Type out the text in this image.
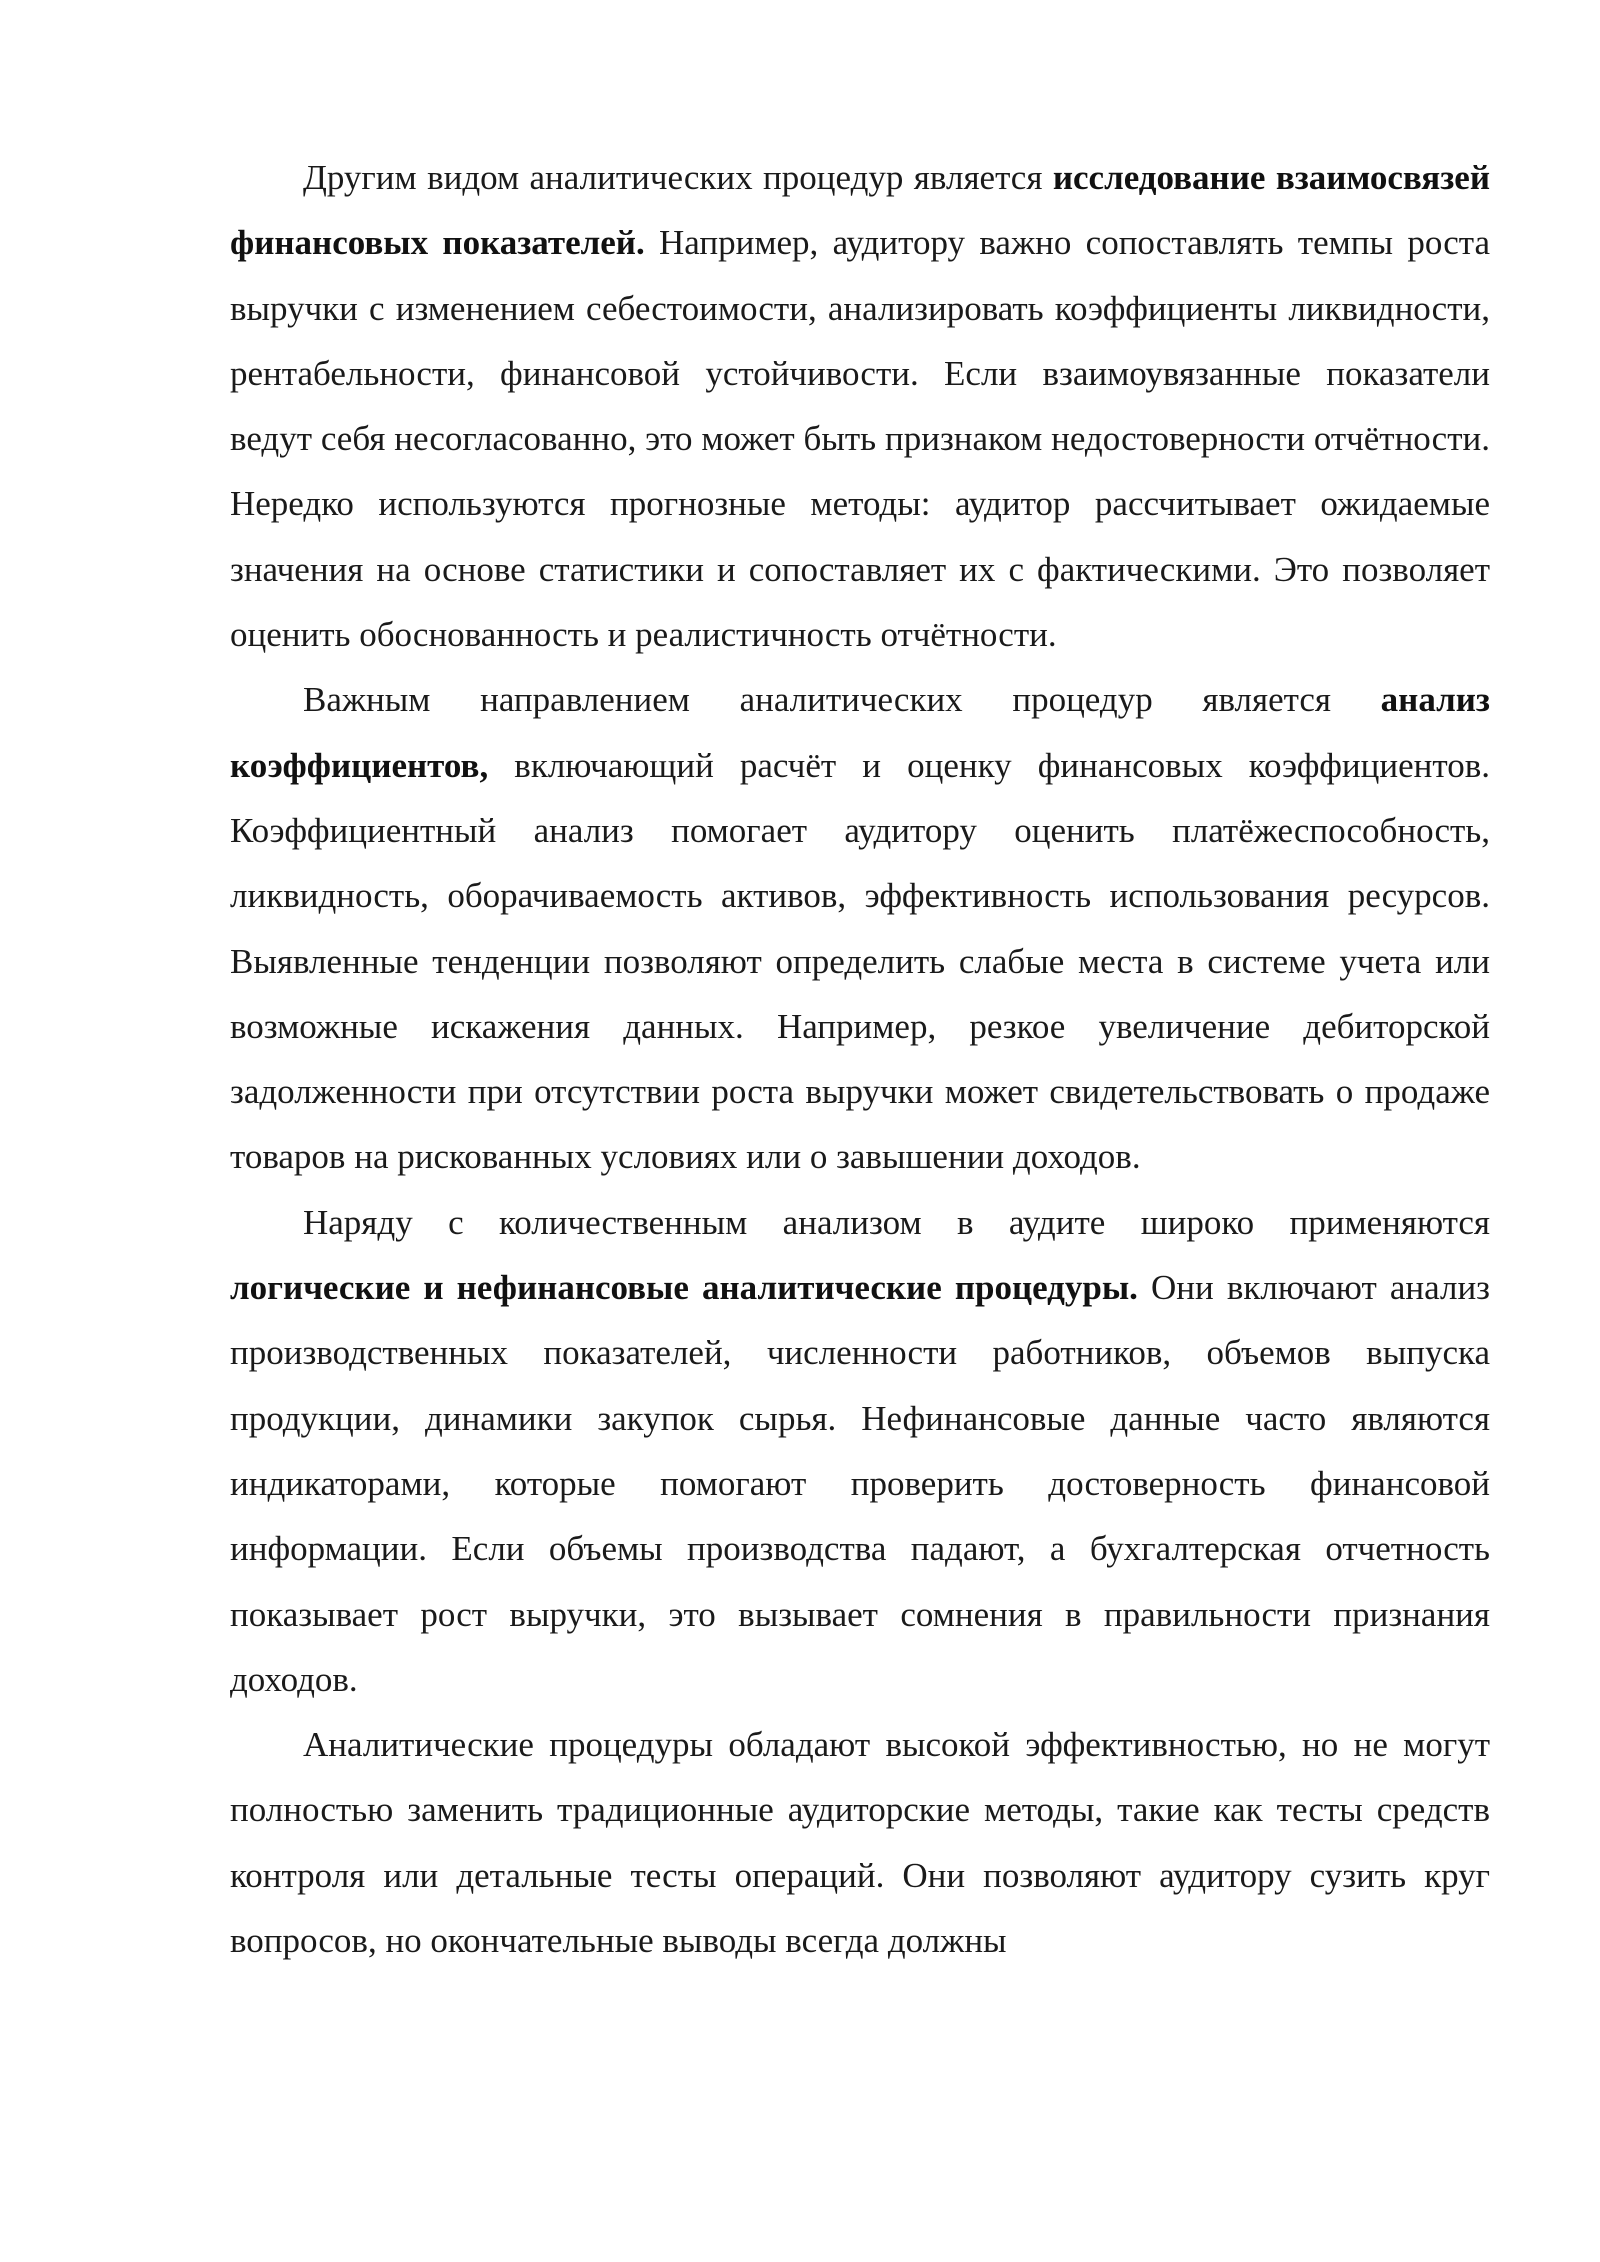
Другим видом аналитических процедур является исследование взаимосвязей финансовых показателей. Например, аудитору важно сопоставлять темпы роста выручки с изменением себестоимости, анализировать коэффициенты ликвидности, рентабельности, финансовой устойчивости. Если взаимоувязанные показатели ведут себя несогласованно, это может быть признаком недостоверности отчётности. Нередко используются прогнозные методы: аудитор рассчитывает ожидаемые значения на основе статистики и сопоставляет их с фактическими. Это позволяет оценить обоснованность и реалистичность отчётности.

Важным направлением аналитических процедур является анализ коэффициентов, включающий расчёт и оценку финансовых коэффициентов. Коэффициентный анализ помогает аудитору оценить платёжеспособность, ликвидность, оборачиваемость активов, эффективность использования ресурсов. Выявленные тенденции позволяют определить слабые места в системе учета или возможные искажения данных. Например, резкое увеличение дебиторской задолженности при отсутствии роста выручки может свидетельствовать о продаже товаров на рискованных условиях или о завышении доходов.

Наряду с количественным анализом в аудите широко применяются логические и нефинансовые аналитические процедуры. Они включают анализ производственных показателей, численности работников, объемов выпуска продукции, динамики закупок сырья. Нефинансовые данные часто являются индикаторами, которые помогают проверить достоверность финансовой информации. Если объемы производства падают, а бухгалтерская отчетность показывает рост выручки, это вызывает сомнения в правильности признания доходов.

Аналитические процедуры обладают высокой эффективностью, но не могут полностью заменить традиционные аудиторские методы, такие как тесты средств контроля или детальные тесты операций. Они позволяют аудитору сузить круг вопросов, но окончательные выводы всегда должны
